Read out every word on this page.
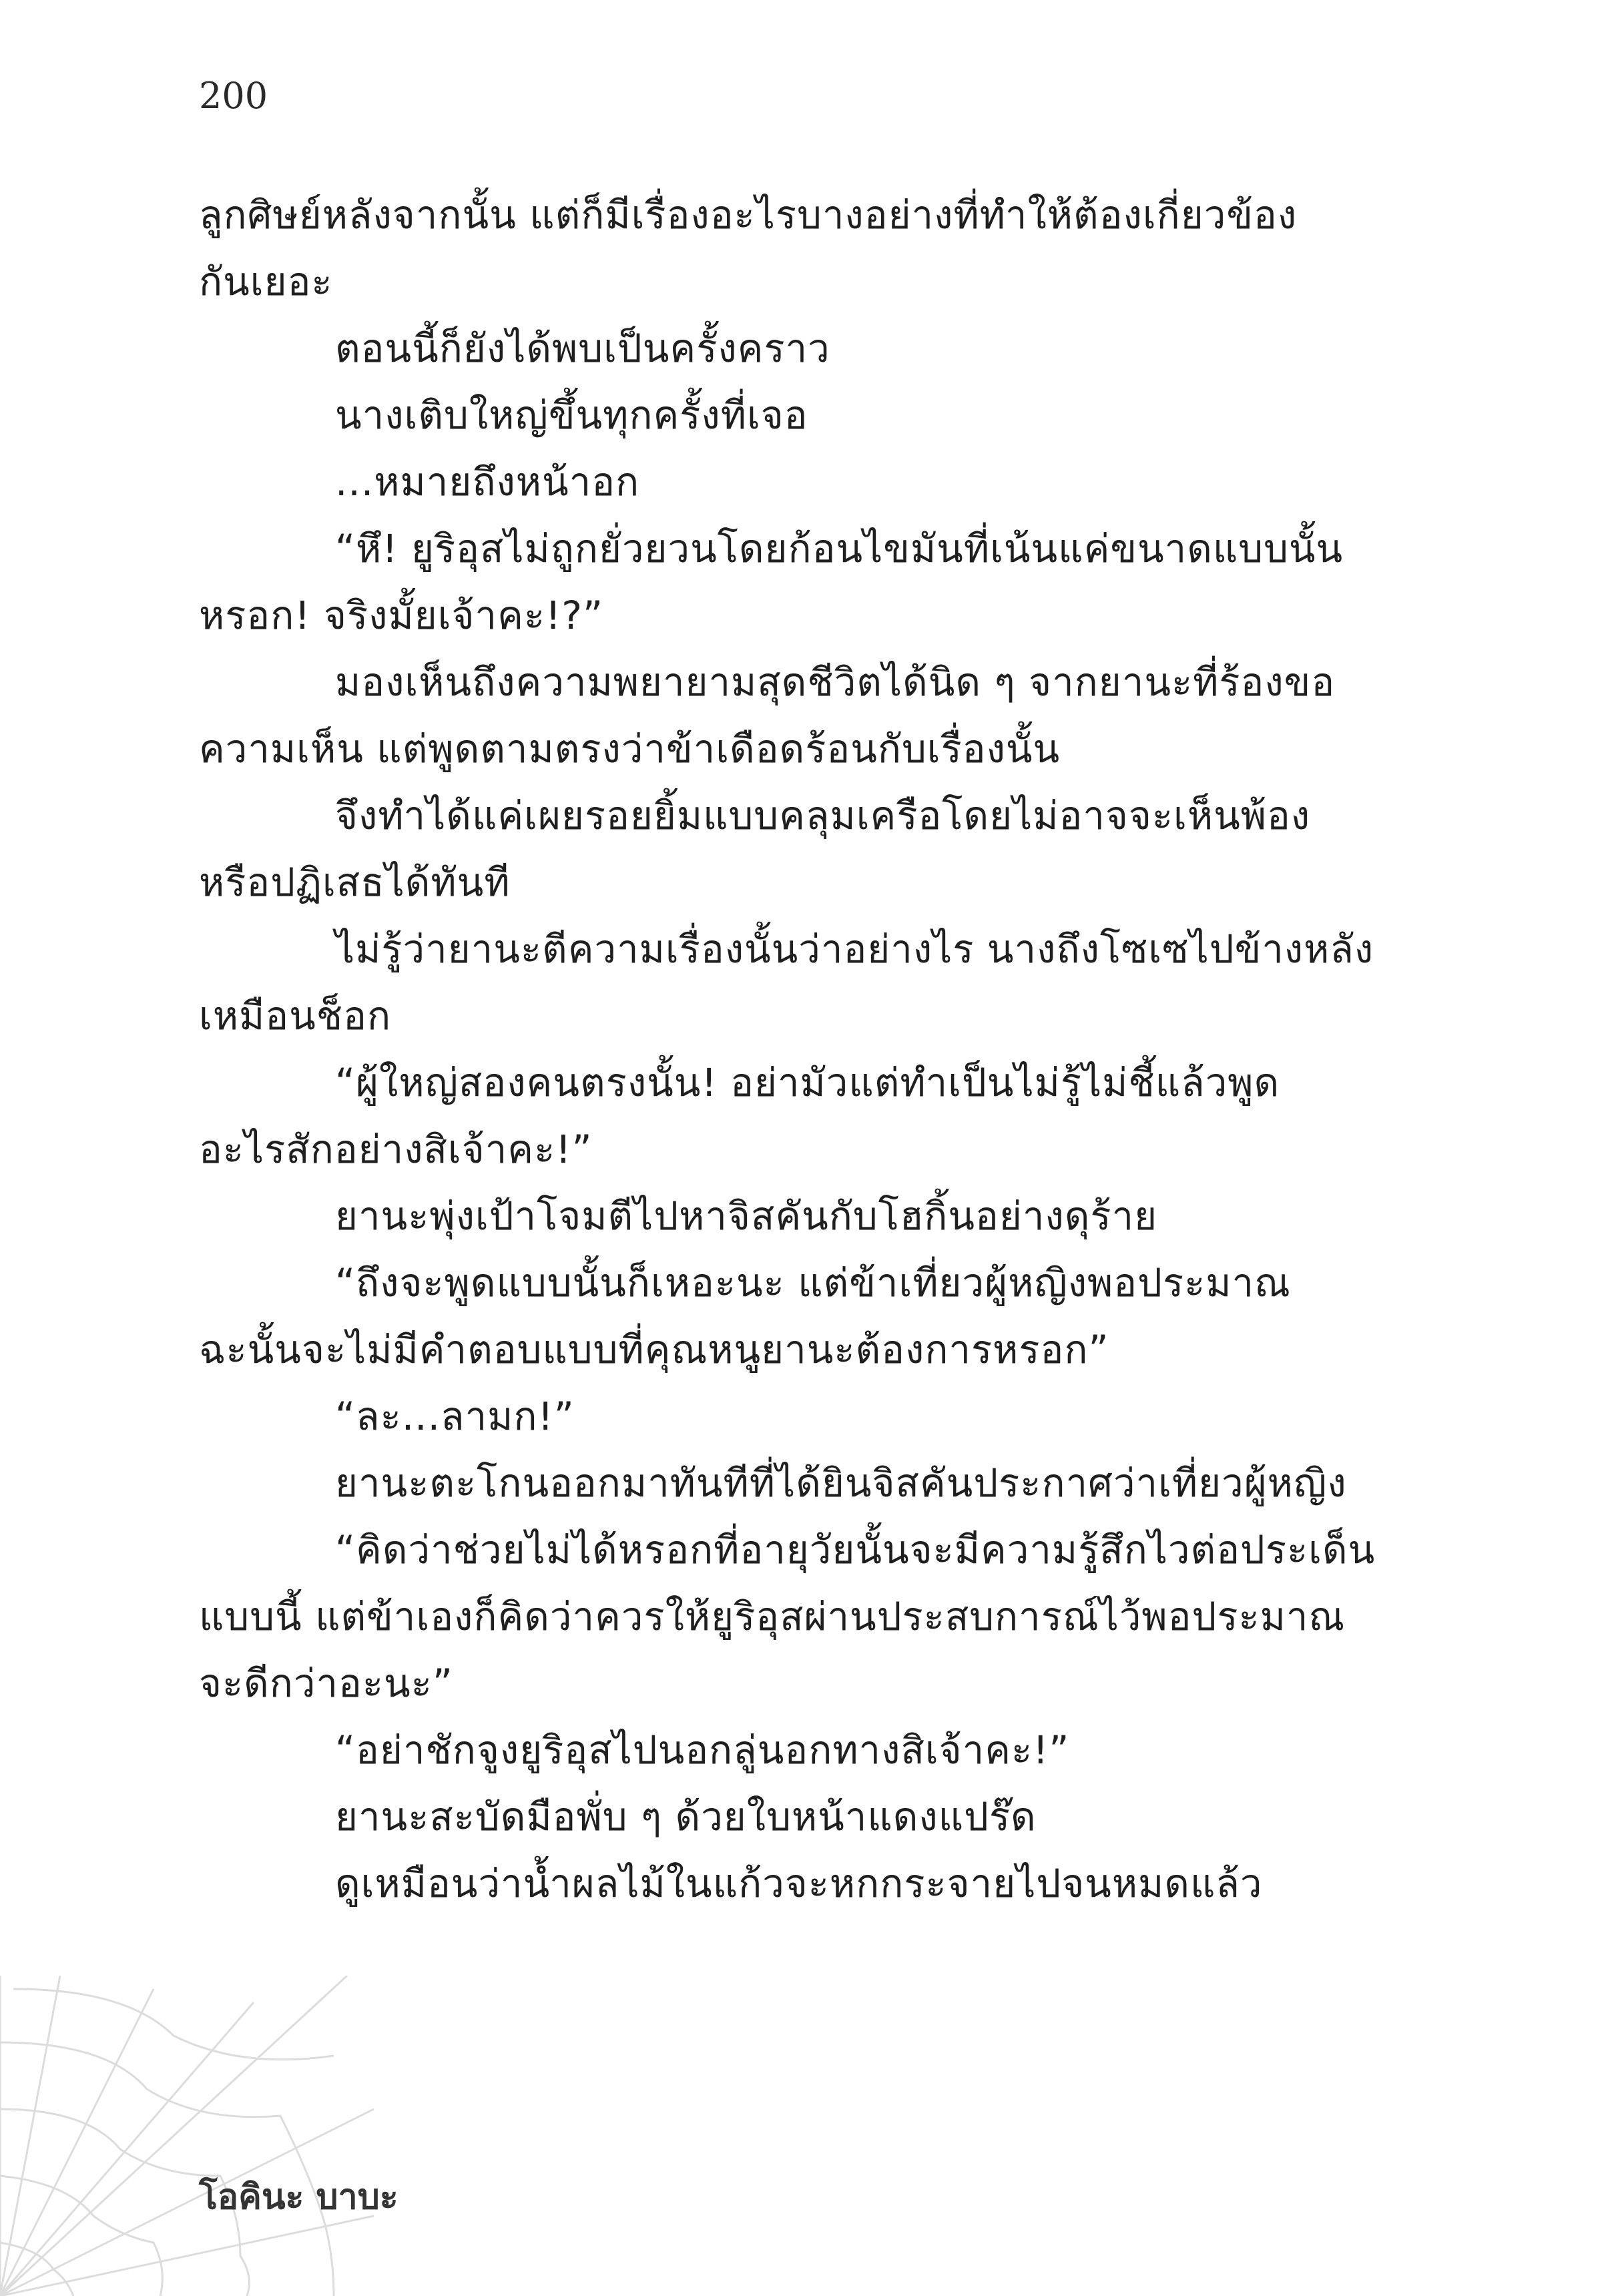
200
ลูกศิษย์หลังจากนั้น แต่ก็มีเรื่องอะไรบางอย่างที่ทำให้ต้องเกี่ยวข้อง
กันเยอะ
ตอนนี้ก็ยังได้พบเป็นครั้งคราว
นางเติบใหญ่ขึ้นทุกครั้งที่เจอ
...หมายถึงหน้าอก
“หึ! ยูริอุสไม่ถูกยั่วยวนโดยก้อนไขมันที่เน้นแค่ขนาดแบบนั้น
หรอก! จริงมั้ยเจ้าคะ!?”
มองเห็นถึงความพยายามสุดชีวิตได้นิด ๆ จากยานะที่ร้องขอ
ความเห็น แต่พูดตามตรงว่าข้าเดือดร้อนกับเรื่องนั้น
จึงทำได้แค่เผยรอยยิ้มแบบคลุมเครือโดยไม่อาจจะเห็นพ้อง
หรือปฏิเสธได้ทันที
ไม่รู้ว่ายานะตีความเรื่องนั้นว่าอย่างไร นางถึงโซเซไปข้างหลัง
เหมือนช็อก
“ผู้ใหญ่สองคนตรงนั้น! อย่ามัวแต่ทำเป็นไม่รู้ไม่ชี้แล้วพูด
อะไรสักอย่างสิเจ้าคะ!”
ยานะพุ่งเป้าโจมตีไปหาจิสคันกับโฮกิ้นอย่างดุร้าย
“ถึงจะพูดแบบนั้นก็เหอะนะ แต่ข้าเที่ยวผู้หญิงพอประมาณ
ฉะนั้นจะไม่มีคำตอบแบบที่คุณหนูยานะต้องการหรอก”
“ละ...ลามก!”
ยานะตะโกนออกมาทันทีที่ได้ยินจิสคันประกาศว่าเที่ยวผู้หญิง
“คิดว่าช่วยไม่ได้หรอกที่อายุวัยนั้นจะมีความรู้สึกไวต่อประเด็น
แบบนี้ แต่ข้าเองก็คิดว่าควรให้ยูริอุสผ่านประสบการณ์ไว้พอประมาณ
จะดีกว่าอะนะ”
“อย่าชักจูงยูริอุสไปนอกลู่นอกทางสิเจ้าคะ!”
ยานะสะบัดมือพั่บ ๆ ด้วยใบหน้าแดงแปร๊ด
ดูเหมือนว่าน้ำผลไม้ในแก้วจะหกกระจายไปจนหมดแล้ว
โอคินะ บาบะ
